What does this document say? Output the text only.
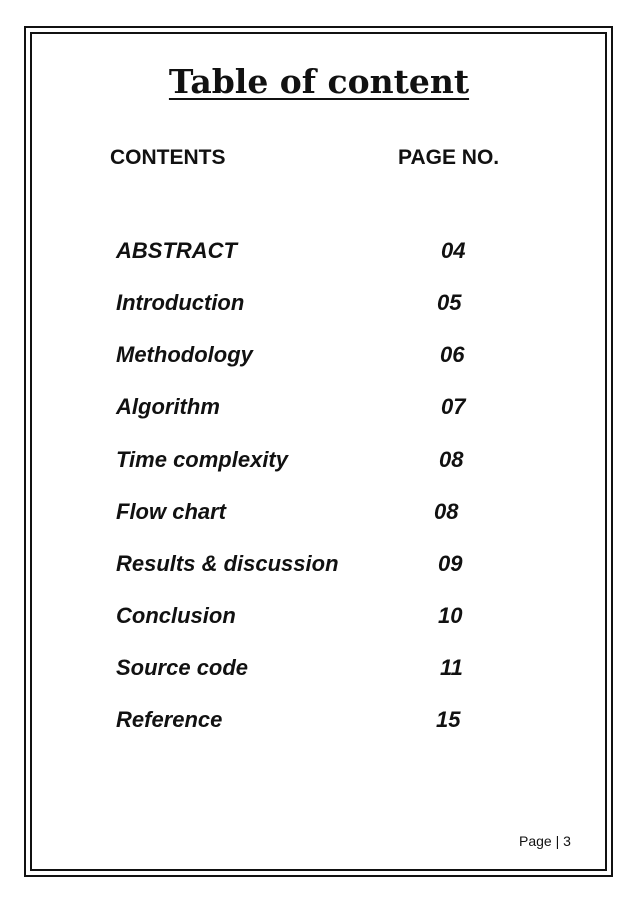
Table of content
CONTENTS	PAGE NO.
ABSTRACT	04
Introduction	05
Methodology	06
Algorithm	07
Time complexity	08
Flow chart	08
Results & discussion	09
Conclusion	10
Source code	11
Reference	15
Page | 3
